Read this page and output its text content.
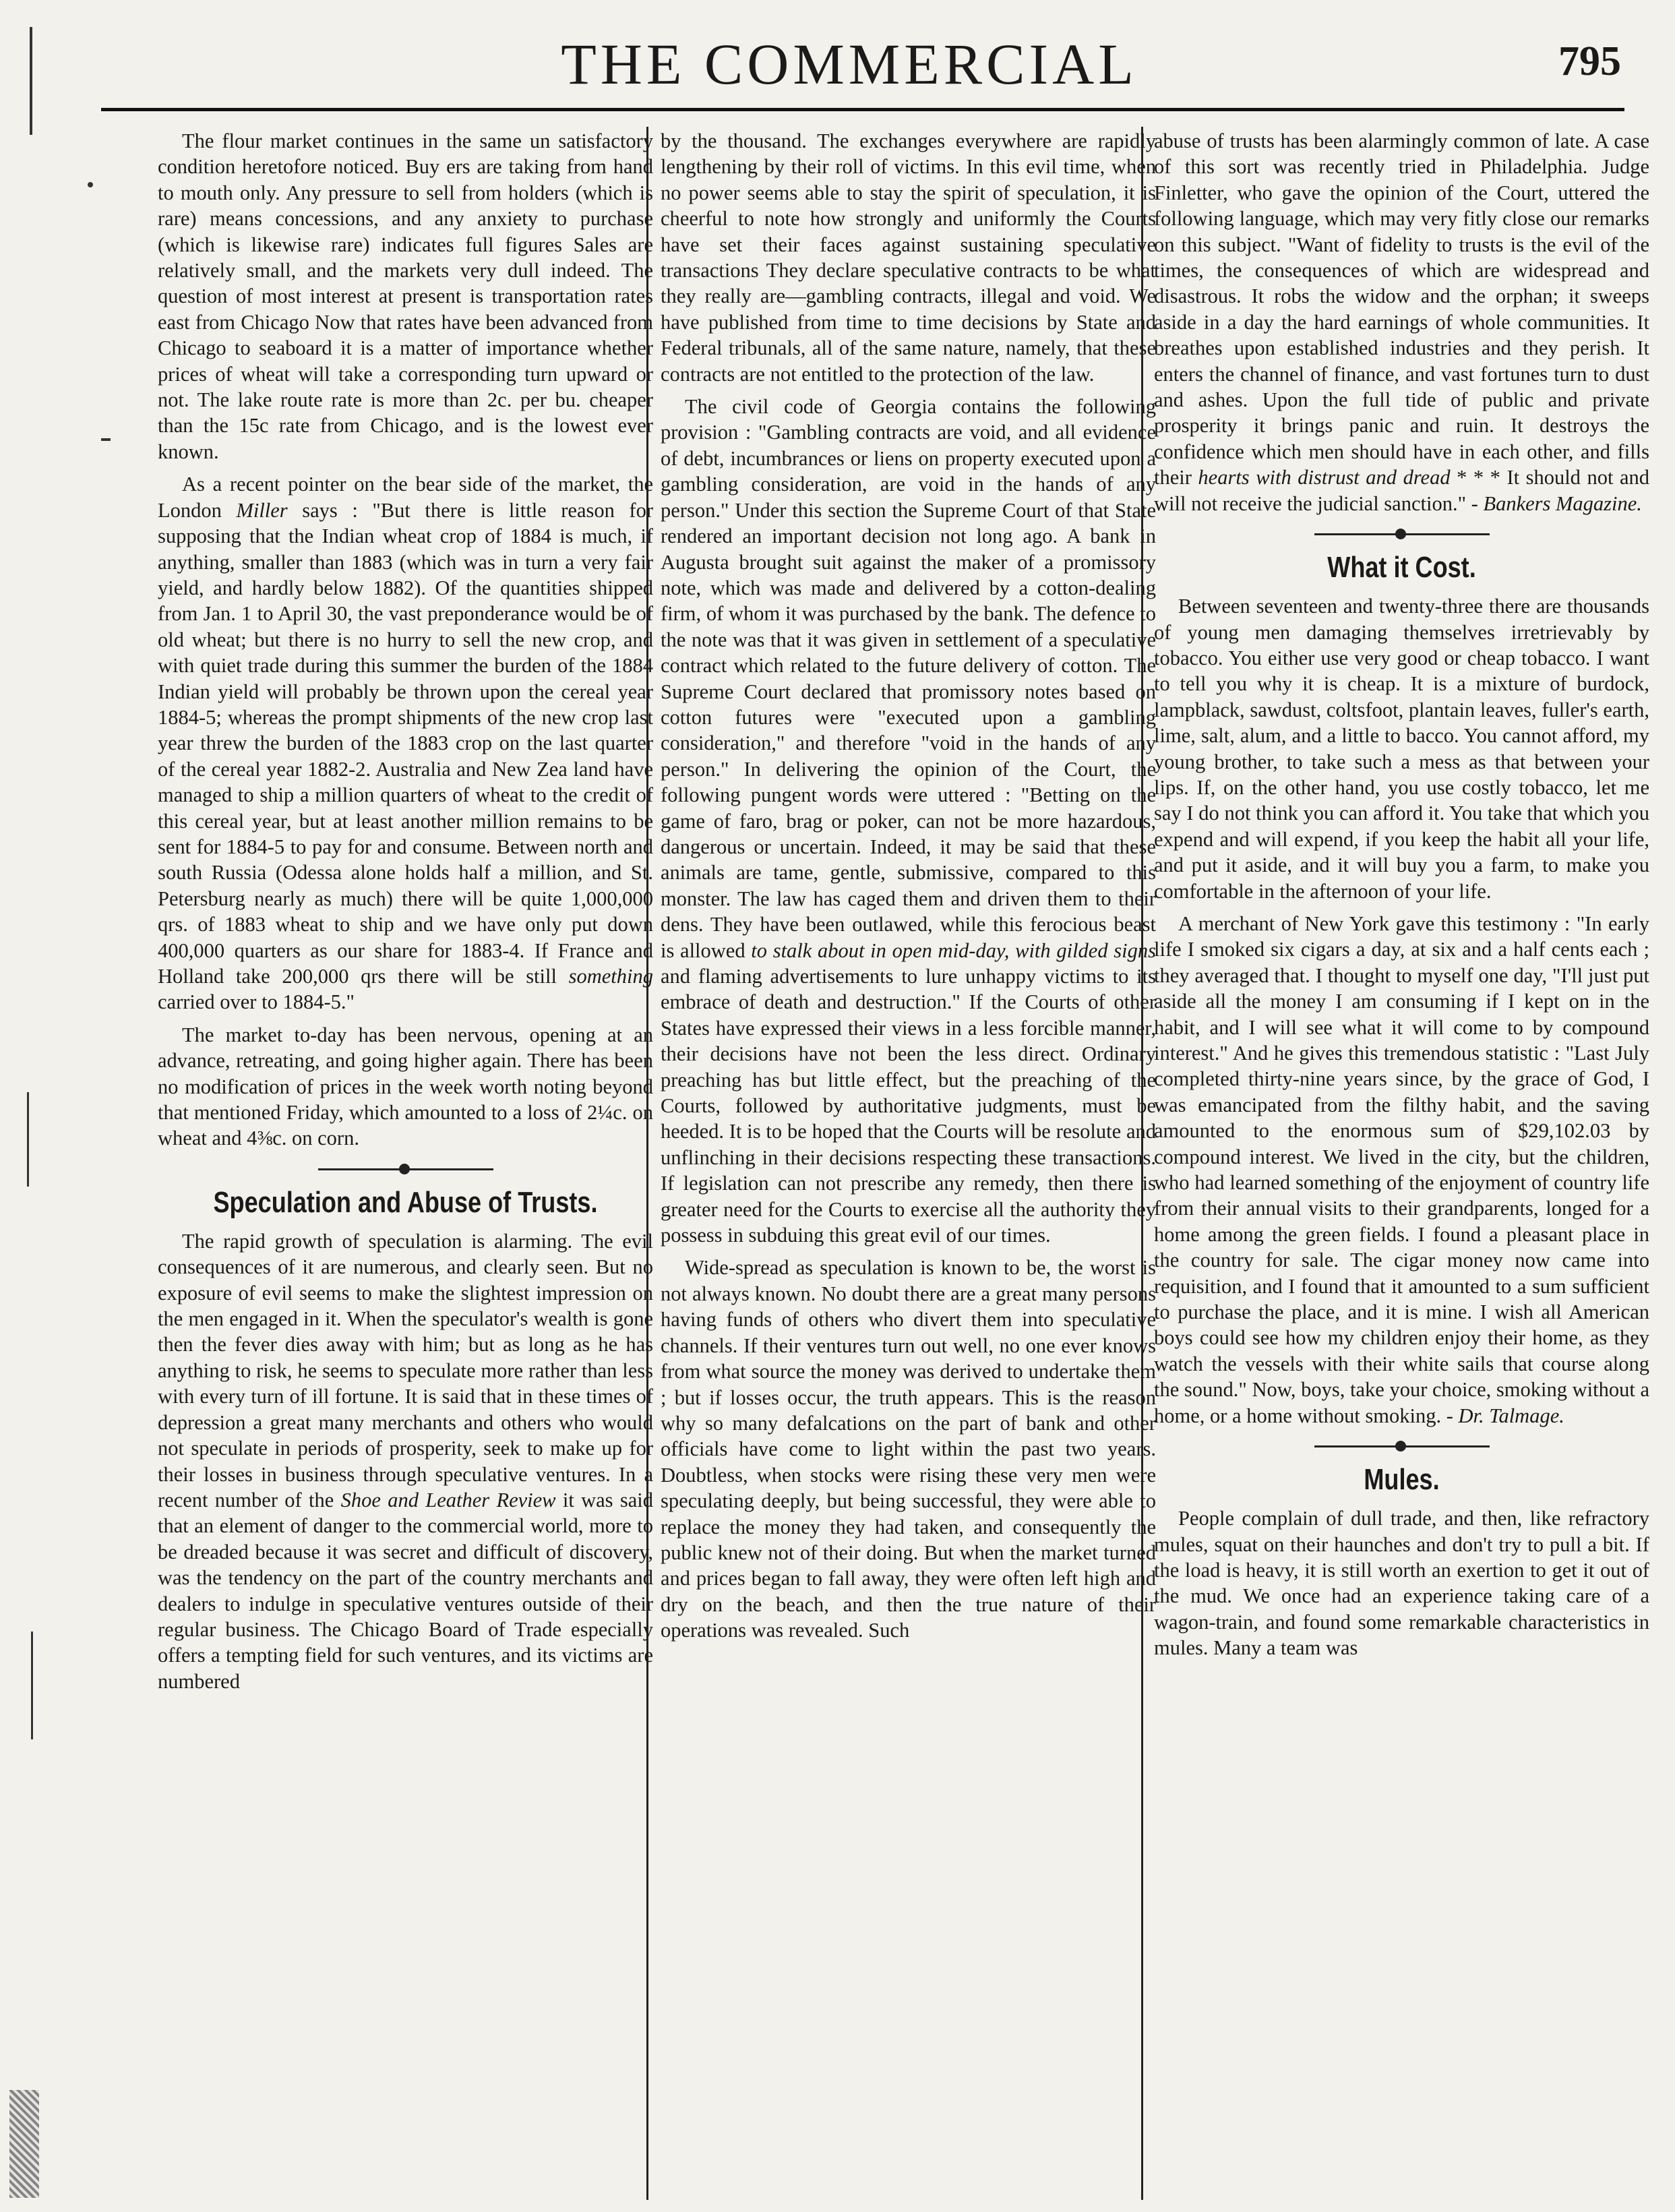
THE COMMERCIAL	795

The flour market continues in the same un satisfactory condition heretofore noticed. Buy ers are taking from hand to mouth only. Any pressure to sell from holders (which is rare) means concessions, and any anxiety to purchase (which is likewise rare) indicates full figures Sales are relatively small, and the markets very dull indeed. The question of most interest at present is transportation rates east from Chicago Now that rates have been advanced from Chicago to seaboard it is a matter of importance whether prices of wheat will take a corresponding turn upward or not. The lake route rate is more than 2c. per bu. cheaper than the 15c rate from Chicago, and is the lowest ever known.

As a recent pointer on the bear side of the market, the London Miller says : "But there is little reason for supposing that the Indian wheat crop of 1884 is much, if anything, smaller than 1883 (which was in turn a very fair yield, and hardly below 1882). Of the quantities shipped from Jan. 1 to April 30, the vast preponderance would be of old wheat; but there is no hurry to sell the new crop, and with quiet trade during this summer the burden of the 1884 Indian yield will probably be thrown upon the cereal year 1884-5; whereas the prompt shipments of the new crop last year threw the burden of the 1883 crop on the last quarter of the cereal year 1882-2. Australia and New Zea land have managed to ship a million quarters of wheat to the credit of this cereal year, but at least another million remains to be sent for 1884-5 to pay for and consume. Between north and south Russia (Odessa alone holds half a million, and St. Petersburg nearly as much) there will be quite 1,000,000 qrs. of 1883 wheat to ship and we have only put down 400,000 quarters as our share for 1883-4. If France and Holland take 200,000 qrs there will be still something carried over to 1884-5."

The market to-day has been nervous, opening at an advance, retreating, and going higher again. There has been no modification of prices in the week worth noting beyond that mentioned Friday, which amounted to a loss of 2¼c. on wheat and 4⅜c. on corn.

Speculation and Abuse of Trusts.

The rapid growth of speculation is alarming. The evil consequences of it are numerous, and clearly seen. But no exposure of evil seems to make the slightest impression on the men engaged in it. When the speculator's wealth is gone then the fever dies away with him; but as long as he has anything to risk, he seems to speculate more rather than less with every turn of ill fortune. It is said that in these times of depression a great many merchants and others who would not speculate in periods of prosperity, seek to make up for their losses in business through speculative ventures. In a recent number of the Shoe and Leather Review it was said that an element of danger to the commercial world, more to be dreaded because it was secret and difficult of discovery, was the tendency on the part of the country merchants and dealers to indulge in speculative ventures outside of their regular business. The Chicago Board of Trade especially offers a tempting field for such ventures, and its victims are numbered

by the thousand. The exchanges everywhere are rapidly lengthening by their roll of victims. In this evil time, when no power seems able to stay the spirit of speculation, it is cheerful to note how strongly and uniformly the Courts have set their faces against sustaining speculative transactions They declare speculative contracts to be what they really are—gambling contracts, illegal and void. We have published from time to time decisions by State and Federal tribunals, all of the same nature, namely, that these contracts are not entitled to the protection of the law.

The civil code of Georgia contains the following provision : "Gambling contracts are void, and all evidence of debt, incumbrances or liens on property executed upon a gambling consideration, are void in the hands of any person." Under this section the Supreme Court of that State rendered an important decision not long ago. A bank in Augusta brought suit against the maker of a promissory note, which was made and delivered by a cotton-dealing firm, of whom it was purchased by the bank. The defence to the note was that it was given in settlement of a speculative contract which related to the future delivery of cotton. The Supreme Court declared that promissory notes based on cotton futures were "executed upon a gambling consideration," and therefore "void in the hands of any person." In delivering the opinion of the Court, the following pungent words were uttered : "Betting on the game of faro, brag or poker, can not be more hazardous, dangerous or uncertain. Indeed, it may be said that these animals are tame, gentle, submissive, compared to this monster. The law has caged them and driven them to their dens. They have been outlawed, while this ferocious beast is allowed to stalk about in open mid-day, with gilded signs and flaming advertisements to lure unhappy victims to its embrace of death and destruction." If the Courts of other States have expressed their views in a less forcible manner, their decisions have not been the less direct. Ordinary preaching has but little effect, but the preaching of the Courts, followed by authoritative judgments, must be heeded. It is to be hoped that the Courts will be resolute and unflinching in their decisions respecting these transactions. If legislation can not prescribe any remedy, then there is greater need for the Courts to exercise all the authority they possess in subduing this great evil of our times.

Wide-spread as speculation is known to be, the worst is not always known. No doubt there are a great many persons having funds of others who divert them into speculative channels. If their ventures turn out well, no one ever knows from what source the money was derived to undertake them ; but if losses occur, the truth appears. This is the reason why so many defalcations on the part of bank and other officials have come to light within the past two years. Doubtless, when stocks were rising these very men were speculating deeply, but being successful, they were able to replace the money they had taken, and consequently the public knew not of their doing. But when the market turned and prices began to fall away, they were often left high and dry on the beach, and then the true nature of their operations was revealed. Such

abuse of trusts has been alarmingly common of late. A case of this sort was recently tried in Philadelphia. Judge Finletter, who gave the opinion of the Court, uttered the following language, which may very fitly close our remarks on this subject. "Want of fidelity to trusts is the evil of the times, the consequences of which are widespread and disastrous. It robs the widow and the orphan; it sweeps aside in a day the hard earnings of whole communities. It breathes upon established industries and they perish. It enters the channel of finance, and vast fortunes turn to dust and ashes. Upon the full tide of public and private prosperity it brings panic and ruin. It destroys the confidence which men should have in each other, and fills their hearts with distrust and dread * * * It should not and will not receive the judicial sanction." - Bankers Magazine.

What it Cost.

Between seventeen and twenty-three there are thousands of young men damaging themselves irretrievably by tobacco. You either use very good or cheap tobacco. I want to tell you why it is cheap. It is a mixture of burdock, lampblack, sawdust, coltsfoot, plantain leaves, fuller's earth, lime, salt, alum, and a little to bacco. You cannot afford, my young brother, to take such a mess as that between your lips. If, on the other hand, you use costly tobacco, let me say I do not think you can afford it. You take that which you expend and will expend, if you keep the habit all your life, and put it aside, and it will buy you a farm, to make you comfortable in the afternoon of your life.

A merchant of New York gave this testimony : "In early life I smoked six cigars a day, at six and a half cents each ; they averaged that. I thought to myself one day, "I'll just put aside all the money I am consuming if I kept on in the habit, and I will see what it will come to by compound interest." And he gives this tremendous statistic : "Last July completed thirty-nine years since, by the grace of God, I was emancipated from the filthy habit, and the saving amounted to the enormous sum of $29,102.03 by compound interest. We lived in the city, but the children, who had learned something of the enjoyment of country life from their annual visits to their grandparents, longed for a home among the green fields. I found a pleasant place in the country for sale. The cigar money now came into requisition, and I found that it amounted to a sum sufficient to purchase the place, and it is mine. I wish all American boys could see how my children enjoy their home, as they watch the vessels with their white sails that course along the sound." Now, boys, take your choice, smoking without a home, or a home without smoking. - Dr. Talmage.

Mules.

People complain of dull trade, and then, like refractory mules, squat on their haunches and don't try to pull a bit. If the load is heavy, it is still worth an exertion to get it out of the mud. We once had an experience taking care of a wagon-train, and found some remarkable characteristics in mules. Many a team was
